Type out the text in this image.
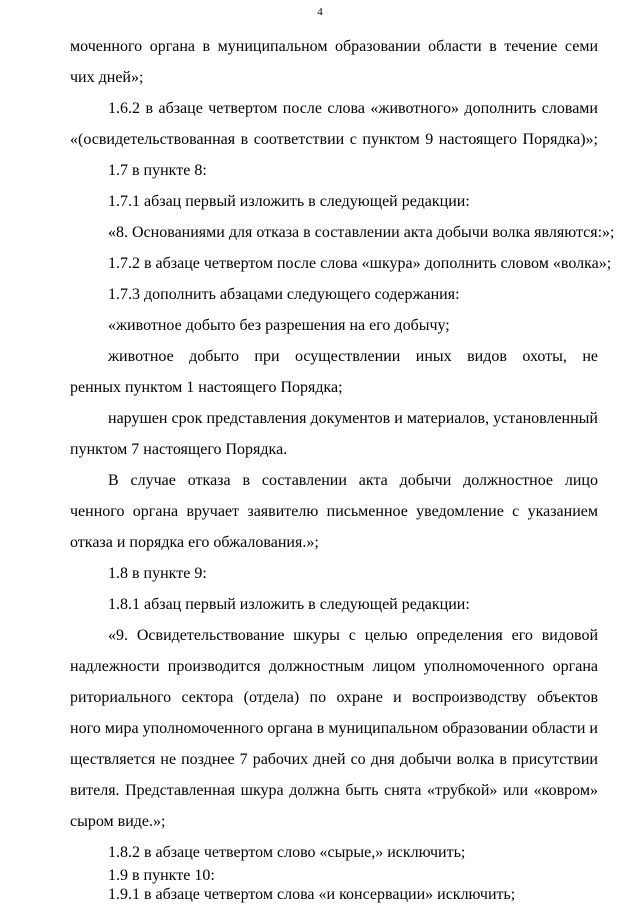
4
моченного органа в муниципальном образовании области в течение семи
чих дней»;
1.6.2 в абзаце четвертом после слова «животного» дополнить словами
«(освидетельствованная в соответствии с пунктом 9 настоящего Порядка)»;
1.7 в пункте 8:
1.7.1 абзац первый изложить в следующей редакции:
«8. Основаниями для отказа в составлении акта добычи волка являются:»;
1.7.2 в абзаце четвертом после слова «шкура» дополнить словом «волка»;
1.7.3 дополнить абзацами следующего содержания:
«животное добыто без разрешения на его добычу;
животное добыто при осуществлении иных видов охоты, не
ренных пунктом 1 настоящего Порядка;
нарушен срок представления документов и материалов, установленный
пунктом 7 настоящего Порядка.
В случае отказа в составлении акта добычи должностное лицо
ченного органа вручает заявителю письменное уведомление с указанием
отказа и порядка его обжалования.»;
1.8 в пункте 9:
1.8.1 абзац первый изложить в следующей редакции:
«9. Освидетельствование шкуры с целью определения его видовой
надлежности производится должностным лицом уполномоченного органа
риториального сектора (отдела) по охране и воспроизводству объектов
ного мира уполномоченного органа в муниципальном образовании области и
ществляется не позднее 7 рабочих дней со дня добычи волка в присутствии
вителя. Представленная шкура должна быть снята «трубкой» или «ковром»
сыром виде.»;
1.8.2 в абзаце четвертом слово «сырые,» исключить;
1.9 в пункте 10:
1.9.1 в абзаце четвертом слова «и консервации» исключить;
